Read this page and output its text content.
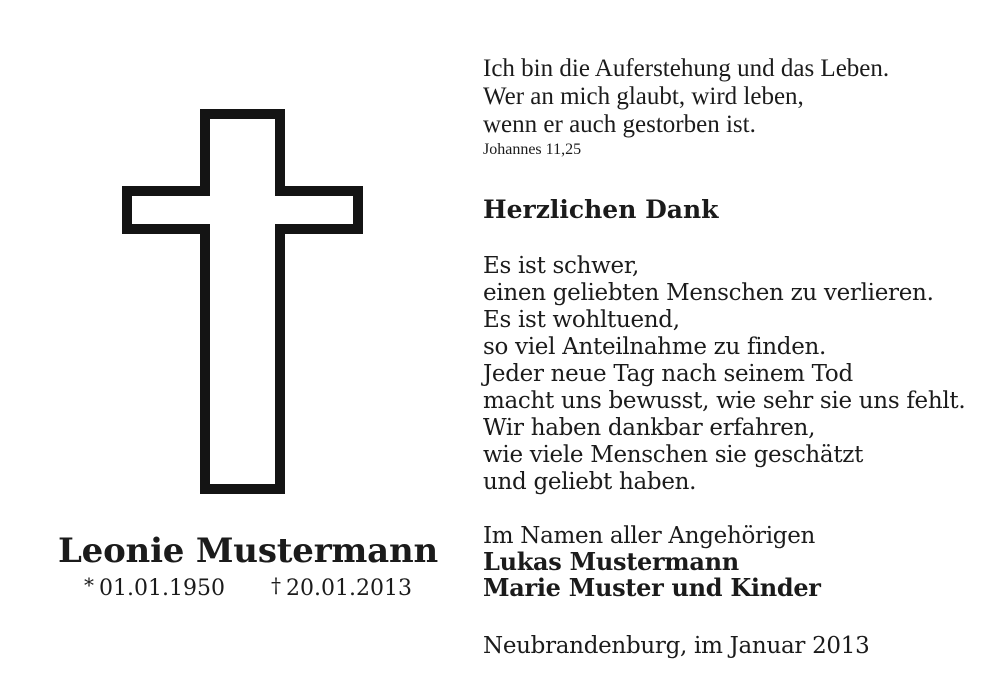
Leonie Mustermann
* 01.01.1950 † 20.01.2013
Ich bin die Auferstehung und das Leben.
Wer an mich glaubt, wird leben,
wenn er auch gestorben ist.
Johannes 11,25
Herzlichen Dank
Es ist schwer,
einen geliebten Menschen zu verlieren.
Es ist wohltuend,
so viel Anteilnahme zu finden.
Jeder neue Tag nach seinem Tod
macht uns bewusst, wie sehr sie uns fehlt.
Wir haben dankbar erfahren,
wie viele Menschen sie geschätzt
und geliebt haben.
Im Namen aller Angehörigen
Lukas Mustermann
Marie Muster und Kinder
Neubrandenburg, im Januar 2013
